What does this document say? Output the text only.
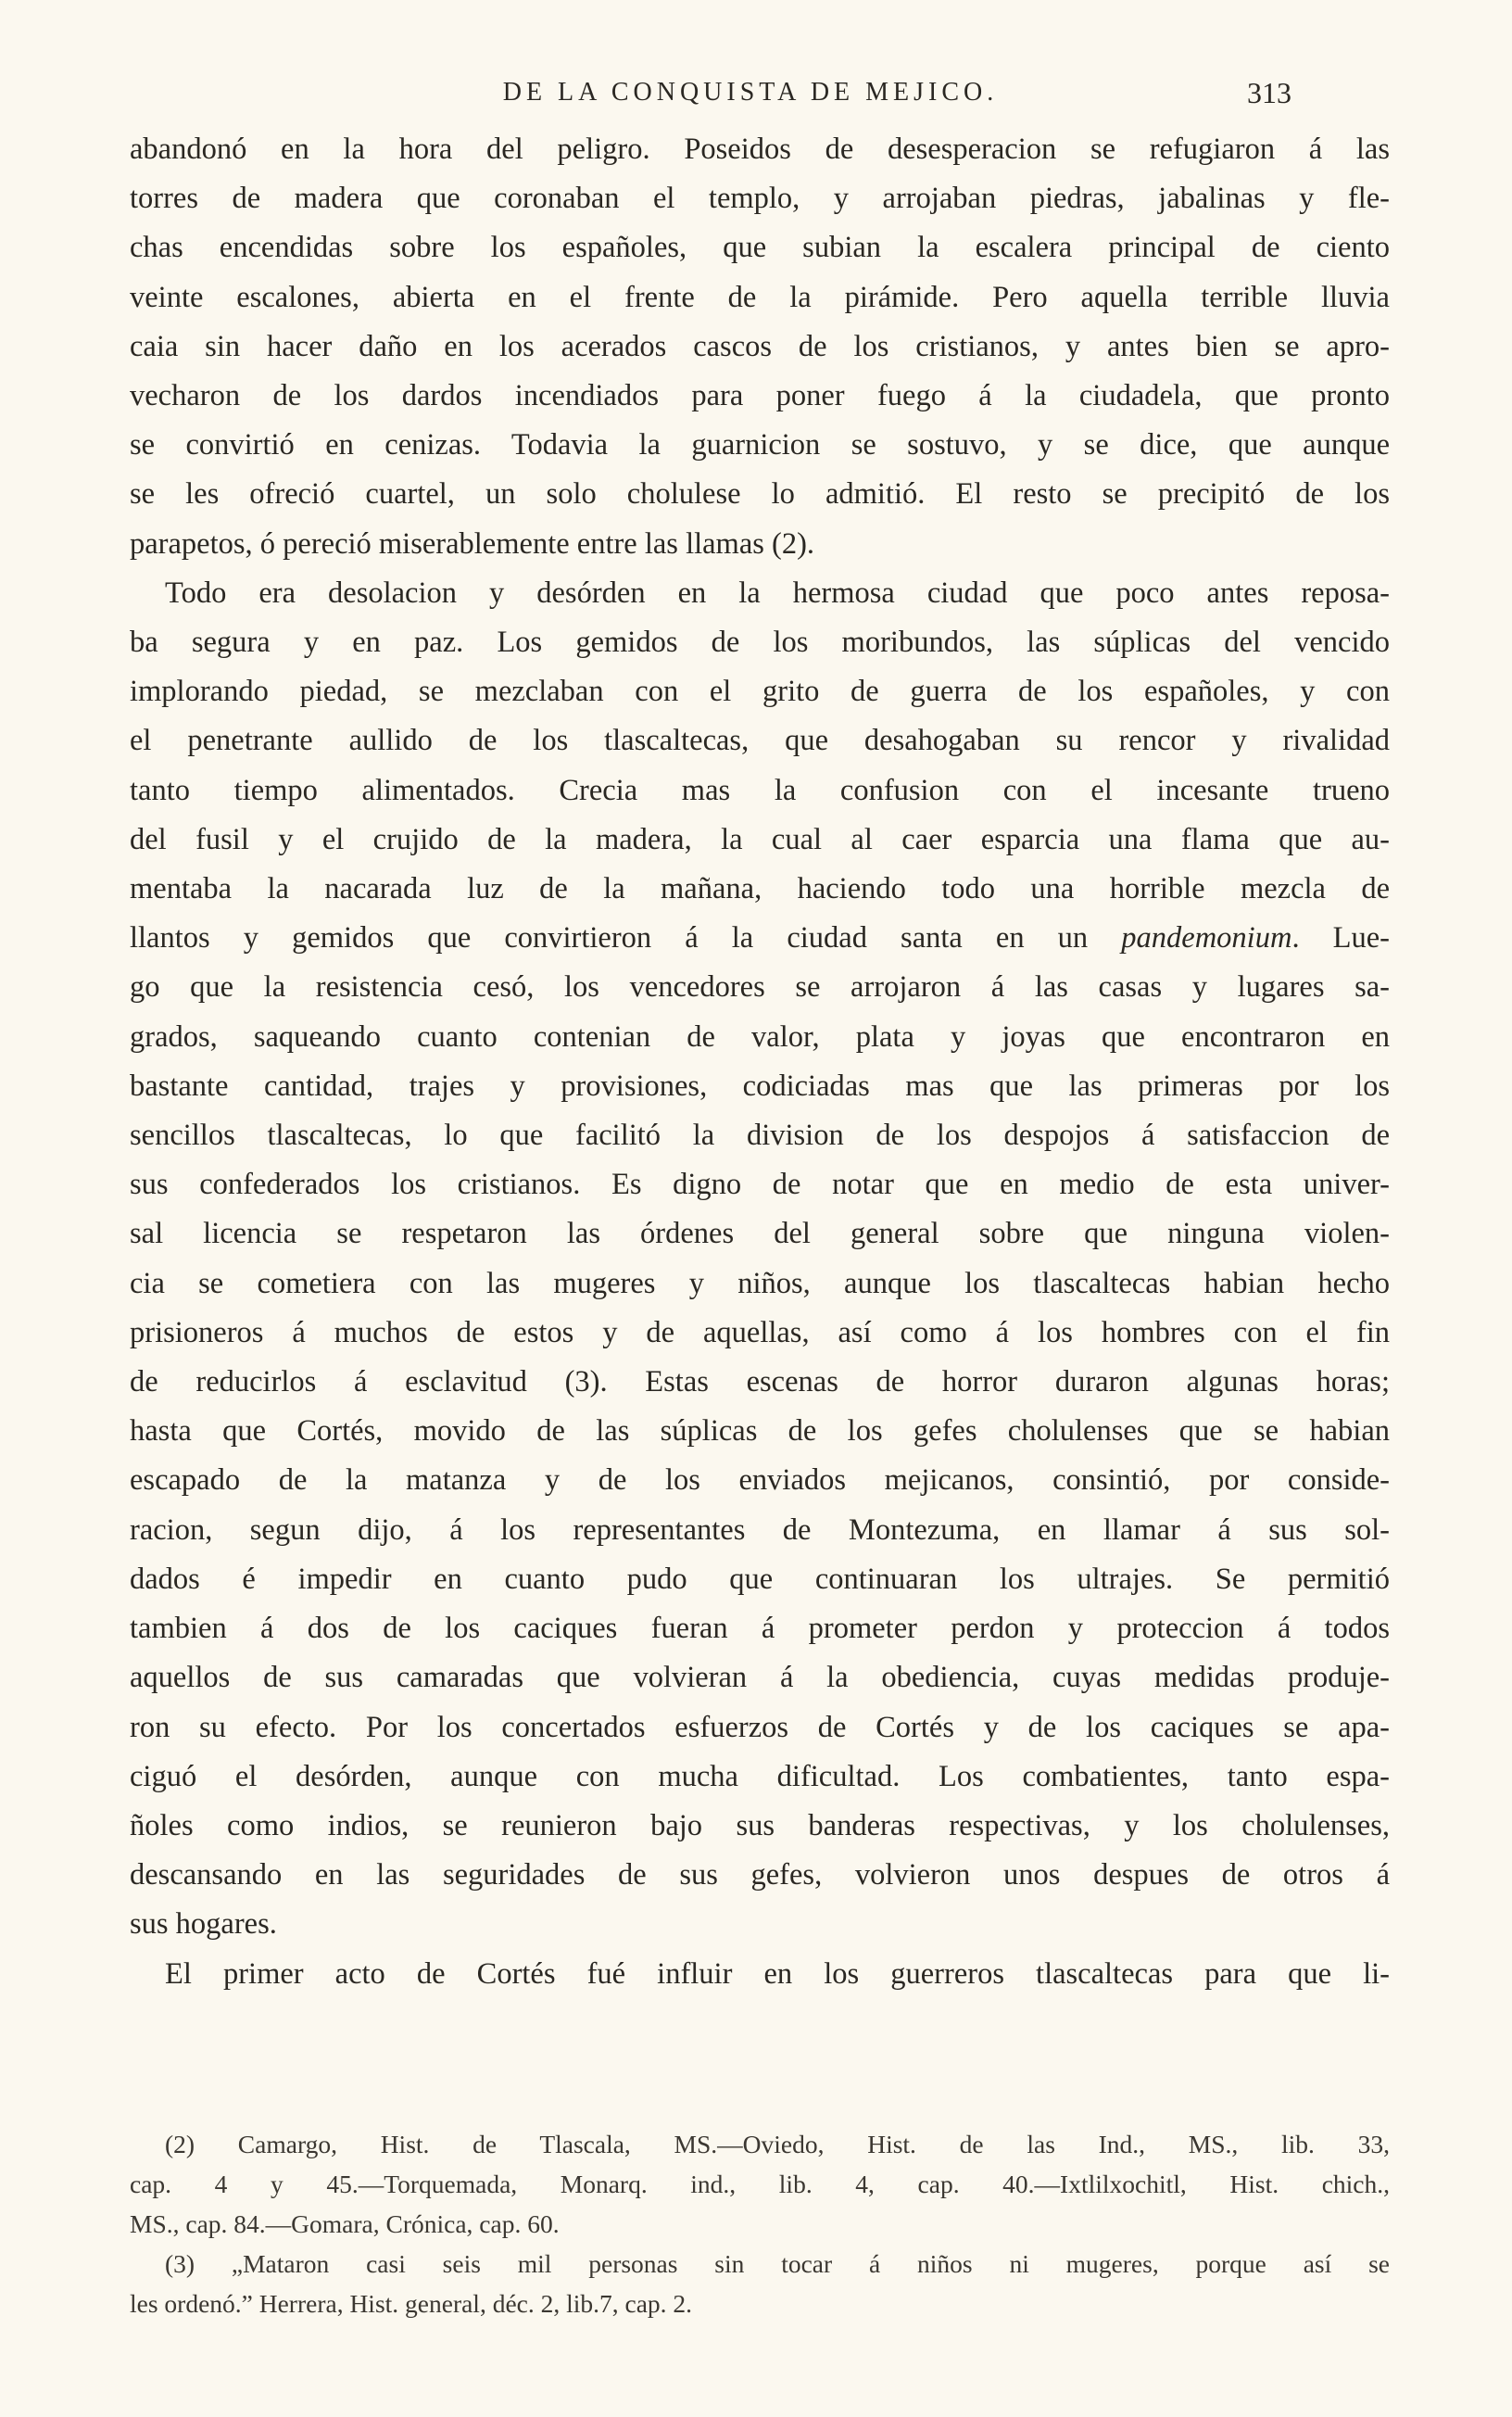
DE LA CONQUISTA DE MEJICO.	313
abandonó en la hora del peligro. Poseidos de desesperacion se refugiaron á las
torres de madera que coronaban el templo, y arrojaban piedras, jabalinas y fle-
chas encendidas sobre los españoles, que subian la escalera principal de ciento
veinte escalones, abierta en el frente de la pirámide. Pero aquella terrible lluvia
caia sin hacer daño en los acerados cascos de los cristianos, y antes bien se apro-
vecharon de los dardos incendiados para poner fuego á la ciudadela, que pronto
se convirtió en cenizas. Todavia la guarnicion se sostuvo, y se dice, que aunque
se les ofreció cuartel, un solo cholulese lo admitió. El resto se precipitó de los
parapetos, ó pereció miserablemente entre las llamas (2).
Todo era desolacion y desórden en la hermosa ciudad que poco antes reposa-
ba segura y en paz. Los gemidos de los moribundos, las súplicas del vencido
implorando piedad, se mezclaban con el grito de guerra de los españoles, y con
el penetrante aullido de los tlascaltecas, que desahogaban su rencor y rivalidad
tanto tiempo alimentados. Crecia mas la confusion con el incesante trueno
del fusil y el crujido de la madera, la cual al caer esparcia una flama que au-
mentaba la nacarada luz de la mañana, haciendo todo una horrible mezcla de
llantos y gemidos que convirtieron á la ciudad santa en un pandemonium. Lue-
go que la resistencia cesó, los vencedores se arrojaron á las casas y lugares sa-
grados, saqueando cuanto contenian de valor, plata y joyas que encontraron en
bastante cantidad, trajes y provisiones, codiciadas mas que las primeras por los
sencillos tlascaltecas, lo que facilitó la division de los despojos á satisfaccion de
sus confederados los cristianos. Es digno de notar que en medio de esta univer-
sal licencia se respetaron las órdenes del general sobre que ninguna violen-
cia se cometiera con las mugeres y niños, aunque los tlascaltecas habian hecho
prisioneros á muchos de estos y de aquellas, así como á los hombres con el fin
de reducirlos á esclavitud (3). Estas escenas de horror duraron algunas horas;
hasta que Cortés, movido de las súplicas de los gefes cholulenses que se habian
escapado de la matanza y de los enviados mejicanos, consintió, por conside-
racion, segun dijo, á los representantes de Montezuma, en llamar á sus sol-
dados é impedir en cuanto pudo que continuaran los ultrajes. Se permitió
tambien á dos de los caciques fueran á prometer perdon y proteccion á todos
aquellos de sus camaradas que volvieran á la obediencia, cuyas medidas produje-
ron su efecto. Por los concertados esfuerzos de Cortés y de los caciques se apa-
ciguó el desórden, aunque con mucha dificultad. Los combatientes, tanto espa-
ñoles como indios, se reunieron bajo sus banderas respectivas, y los cholulenses,
descansando en las seguridades de sus gefes, volvieron unos despues de otros á
sus hogares.
El primer acto de Cortés fué influir en los guerreros tlascaltecas para que li-
(2) Camargo, Hist. de Tlascala, MS.—Oviedo, Hist. de las Ind., MS., lib. 33,
cap. 4 y 45.—Torquemada, Monarq. ind., lib. 4, cap. 40.—Ixtlilxochitl, Hist. chich.,
MS., cap. 84.—Gomara, Crónica, cap. 60.
(3) „Mataron casi seis mil personas sin tocar á niños ni mugeres, porque así se
les ordenó.” Herrera, Hist. general, déc. 2, lib.7, cap. 2.
